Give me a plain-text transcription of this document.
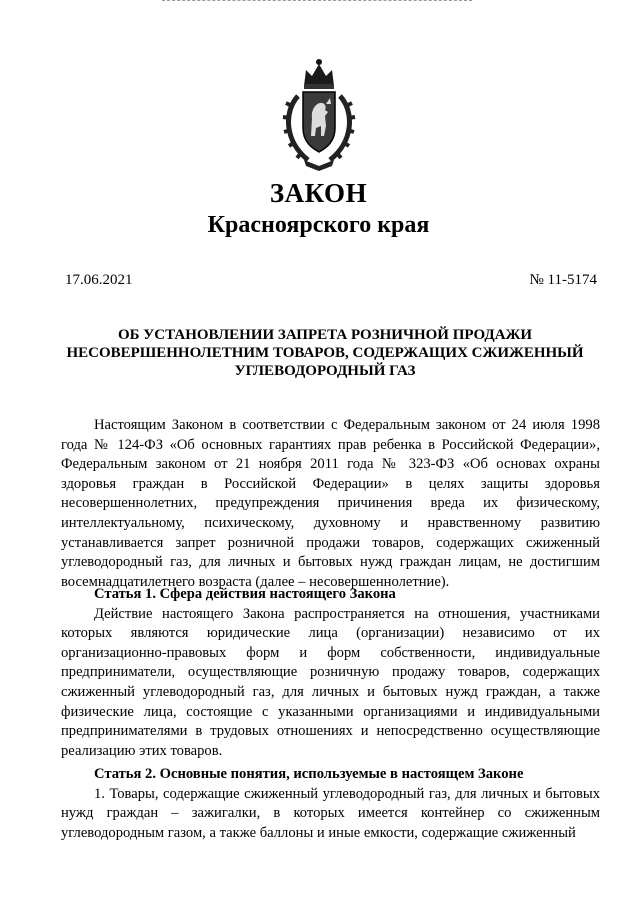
ЗАКОН
Красноярского края
17.06.2021	№ 11-5174
ОБ УСТАНОВЛЕНИИ ЗАПРЕТА РОЗНИЧНОЙ ПРОДАЖИ
НЕСОВЕРШЕННОЛЕТНИМ ТОВАРОВ, СОДЕРЖАЩИХ СЖИЖЕННЫЙ
УГЛЕВОДОРОДНЫЙ ГАЗ

Настоящим Законом в соответствии с Федеральным законом от 24 июля 1998 года № 124-ФЗ «Об основных гарантиях прав ребенка в Российской Федерации», Федеральным законом от 21 ноября 2011 года № 323-ФЗ «Об основах охраны здоровья граждан в Российской Федерации» в целях защиты здоровья несовершеннолетних, предупреждения причинения вреда их физическому, интеллектуальному, психическому, духовному и нравственному развитию устанавливается запрет розничной продажи товаров, содержащих сжиженный углеводородный газ, для личных и бытовых нужд граждан лицам, не достигшим восемнадцатилетнего возраста (далее – несовершеннолетние).

Статья 1. Сфера действия настоящего Закона

Действие настоящего Закона распространяется на отношения, участниками которых являются юридические лица (организации) независимо от их организационно-правовых форм и форм собственности, индивидуальные предприниматели, осуществляющие розничную продажу товаров, содержащих сжиженный углеводородный газ, для личных и бытовых нужд граждан, а также физические лица, состоящие с указанными организациями и индивидуальными предпринимателями в трудовых отношениях и непосредственно осуществляющие реализацию этих товаров.

Статья 2. Основные понятия, используемые в настоящем Законе

1. Товары, содержащие сжиженный углеводородный газ, для личных и бытовых нужд граждан – зажигалки, в которых имеется контейнер со сжиженным углеводородным газом, а также баллоны и иные емкости, содержащие сжиженный
